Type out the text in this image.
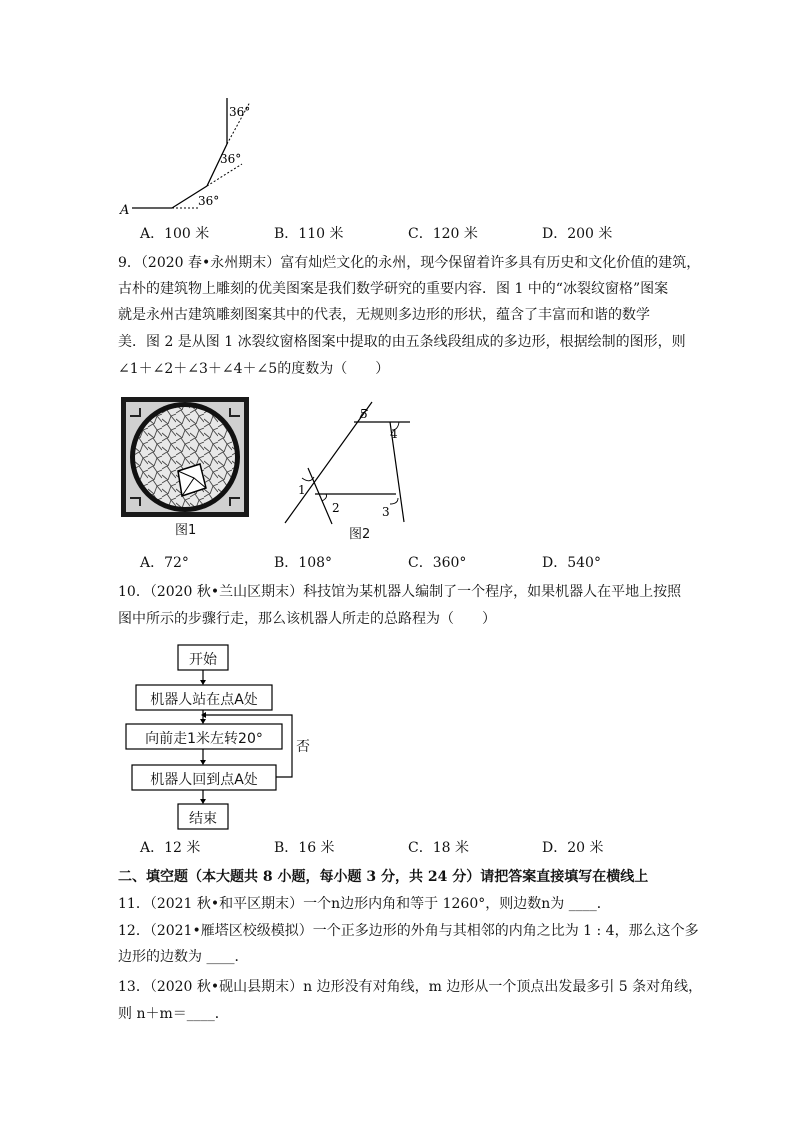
36°
36°
36°
A
A．100 米	B．110 米	C．120 米	D．200 米
9．（2020 春•永州期末）富有灿烂文化的永州，现今保留着许多具有历史和文化价值的建筑，
古朴的建筑物上雕刻的优美图案是我们数学研究的重要内容．图 1 中的“冰裂纹窗格”图案
就是永州古建筑雕刻图案其中的代表，无规则多边形的形状，蕴含了丰富而和谐的数学
美．图 2 是从图 1 冰裂纹窗格图案中提取的由五条线段组成的多边形，根据绘制的图形，则
∠1＋∠2＋∠3＋∠4＋∠5的度数为（　　）
图1
1
2	3
4
5
图2
A．72°	B．108°	C．360°	D．540°
10．（2020 秋•兰山区期末）科技馆为某机器人编制了一个程序，如果机器人在平地上按照
图中所示的步骤行走，那么该机器人所走的总路程为（　　）
开始
机器人站在点A处
向前走1米左转20°
机器人回到点A处
否
结束
A．12 米	B．16 米	C．18 米	D．20 米
二、填空题（本大题共 8 小题，每小题 3 分，共 24 分）请把答案直接填写在横线上
11．（2021 秋•和平区期末）一个n边形内角和等于 1260°，则边数n为 ____．
12．（2021•雁塔区校级模拟）一个正多边形的外角与其相邻的内角之比为 1 : 4，那么这个多
边形的边数为 ____．
13．（2020 秋•砚山县期末）n 边形没有对角线，m 边形从一个顶点出发最多引 5 条对角线，
则 n＋m＝____．
